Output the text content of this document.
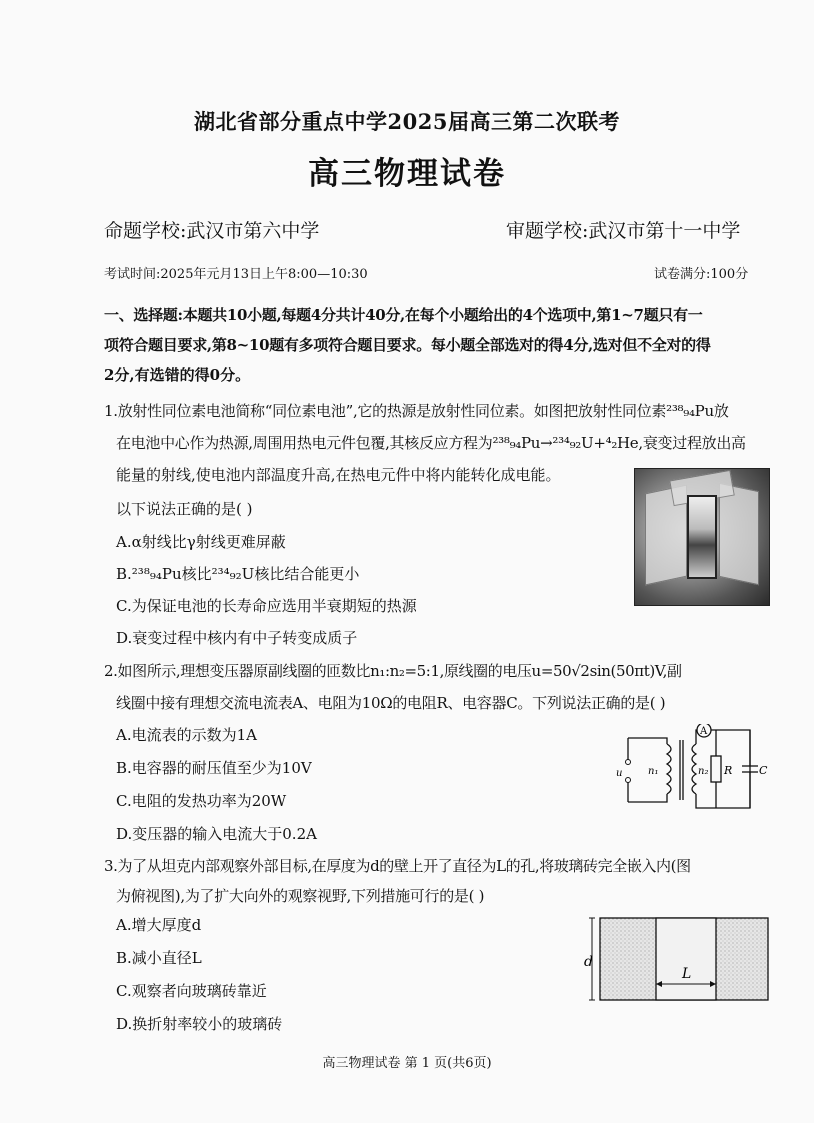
湖北省部分重点中学2025届高三第二次联考
高三物理试卷
命题学校:武汉市第六中学	审题学校:武汉市第十一中学
考试时间:2025年元月13日上午8:00—10:30	试卷满分:100分
一、选择题:本题共10小题,每题4分共计40分,在每个小题给出的4个选项中,第1~7题只有一
项符合题目要求,第8~10题有多项符合题目要求。每小题全部选对的得4分,选对但不全对的得
2分,有选错的得0分。
1.放射性同位素电池简称“同位素电池”,它的热源是放射性同位素。如图把放射性同位素²³⁸₉₄Pu放
在电池中心作为热源,周围用热电元件包覆,其核反应方程为²³⁸₉₄Pu→²³⁴₉₂U+⁴₂He,衰变过程放出高
能量的射线,使电池内部温度升高,在热电元件中将内能转化成电能。
以下说法正确的是( )
A.α射线比γ射线更难屏蔽
B.²³⁸₉₄Pu核比²³⁴₉₂U核比结合能更小
C.为保证电池的长寿命应选用半衰期短的热源
D.衰变过程中核内有中子转变成质子
2.如图所示,理想变压器原副线圈的匝数比n₁:n₂=5:1,原线圈的电压u=50√2sin(50πt)V,副
线圈中接有理想交流电流表A、电阻为10Ω的电阻R、电容器C。下列说法正确的是( )
A.电流表的示数为1A
B.电容器的耐压值至少为10V
C.电阻的发热功率为20W
D.变压器的输入电流大于0.2A
A
u	n₁	n₂ R C
3.为了从坦克内部观察外部目标,在厚度为d的壁上开了直径为L的孔,将玻璃砖完全嵌入内(图
为俯视图),为了扩大向外的观察视野,下列措施可行的是( )
A.增大厚度d
B.减小直径L
C.观察者向玻璃砖靠近
D.换折射率较小的玻璃砖
d
L
高三物理试卷 第 1 页(共6页)
